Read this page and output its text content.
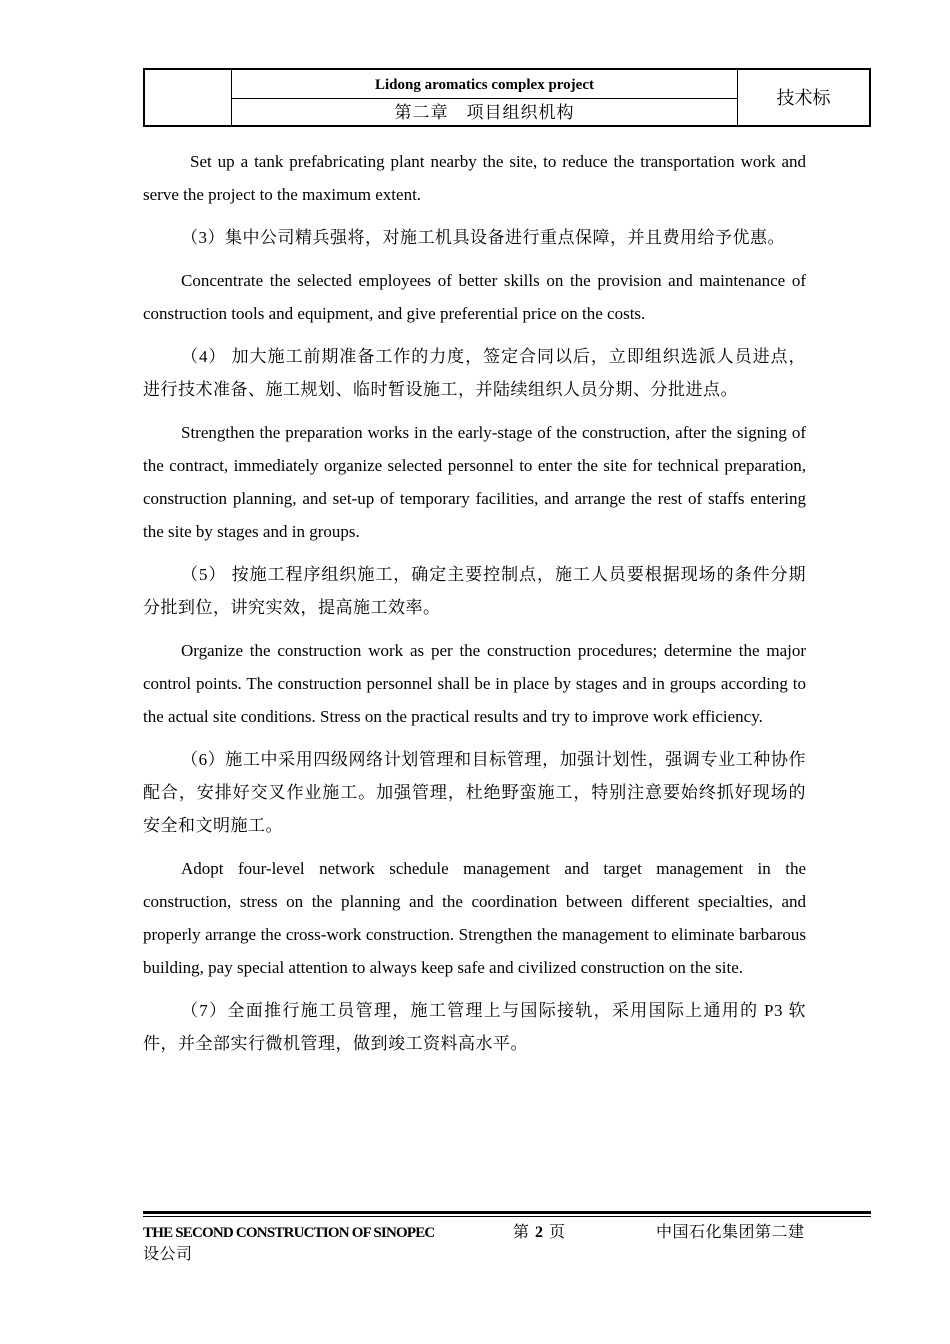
Lidong aromatics complex project
第二章　项目组织机构
技术标

Set up a tank prefabricating plant nearby the site, to reduce the transportation work and serve the project to the maximum extent.

（3）集中公司精兵强将，对施工机具设备进行重点保障，并且费用给予优惠。

Concentrate the selected employees of better skills on the provision and maintenance of construction tools and equipment, and give preferential price on the costs.

（4） 加大施工前期准备工作的力度，签定合同以后，立即组织选派人员进点，进行技术准备、施工规划、临时暂设施工，并陆续组织人员分期、分批进点。

Strengthen the preparation works in the early-stage of the construction, after the signing of the contract, immediately organize selected personnel to enter the site for technical preparation, construction planning, and set-up of temporary facilities, and arrange the rest of staffs entering the site by stages and in groups.

（5） 按施工程序组织施工，确定主要控制点，施工人员要根据现场的条件分期分批到位，讲究实效，提高施工效率。

Organize the construction work as per the construction procedures; determine the major control points. The construction personnel shall be in place by stages and in groups according to the actual site conditions. Stress on the practical results and try to improve work efficiency.

（6）施工中采用四级网络计划管理和目标管理，加强计划性，强调专业工种协作配合，安排好交叉作业施工。加强管理，杜绝野蛮施工，特别注意要始终抓好现场的安全和文明施工。

Adopt four-level network schedule management and target management in the construction, stress on the planning and the coordination between different specialties, and properly arrange the cross-work construction. Strengthen the management to eliminate barbarous building, pay special attention to always keep safe and civilized construction on the site.

（7）全面推行施工员管理，施工管理上与国际接轨，采用国际上通用的 P3 软件，并全部实行微机管理，做到竣工资料高水平。

THE SECOND CONSTRUCTION OF SINOPEC	第 2 页	中国石化集团第二建
设公司
